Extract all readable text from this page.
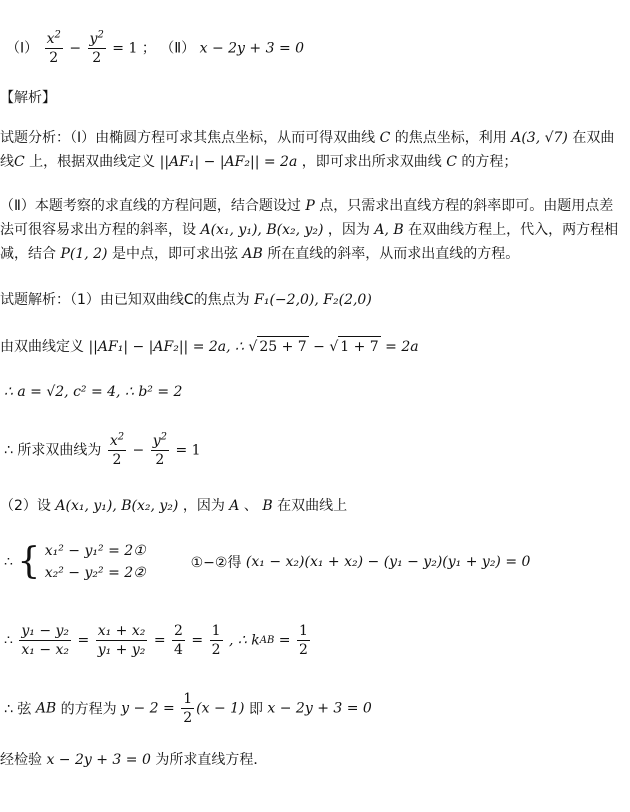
（Ⅰ） $\frac{x^2}{2} - \frac{y^2}{2} = 1$ ； （Ⅱ） x − 2y + 3 = 0
【解析】
试题分析：（Ⅰ）由椭圆方程可求其焦点坐标，从而可得双曲线 C 的焦点坐标，利用 A(3, √7) 在双曲
线C 上，根据双曲线定义 ||AF₁| − |AF₂|| = 2a ，即可求出所求双曲线 C 的方程；
（Ⅱ）本题考察的求直线的方程问题，结合题设过 P 点，只需求出直线方程的斜率即可。由题用点差
法可很容易求出方程的斜率，设 A(x₁, y₁), B(x₂, y₂) ，因为 A, B 在双曲线方程上，代入，两方程相
减，结合 P(1, 2) 是中点，即可求出弦 AB 所在直线的斜率，从而求出直线的方程。
试题解析：（1）由已知双曲线C的焦点为 F₁(−2,0), F₂(2,0)
由双曲线定义 ||AF₁| − |AF₂|| = 2a, ∴ √ 25 + 7 − √ 1 + 7 = 2a
∴ a = √2, c² = 4, ∴ b² = 2
∴ 所求双曲线为 $\frac{x^2}{2} - \frac{y^2}{2} = 1$
（2）设 A(x₁, y₁), B(x₂, y₂) ，因为 A 、 B 在双曲线上
∴ { x₁² − y₁² = 2①
x₂² − y₂² = 2②
①−②得 (x₁ − x₂)(x₁ + x₂) − (y₁ − y₂)(y₁ + y₂) = 0
∴ $\frac{\text{y₁ − y₂}}{\text{x₁ − x₂}} = \frac{\text{x₁ + x₂}}{\text{y₁ + y₂}} = \frac{2}{4} = \frac{1}{2}$ , ∴ kAB = $\frac{1}{2}$
∴ 弦 AB 的方程为 $y - 2 = \frac{1}{2} (x - 1)$ 即 x − 2y + 3 = 0
经检验 x − 2y + 3 = 0 为所求直线方程．
